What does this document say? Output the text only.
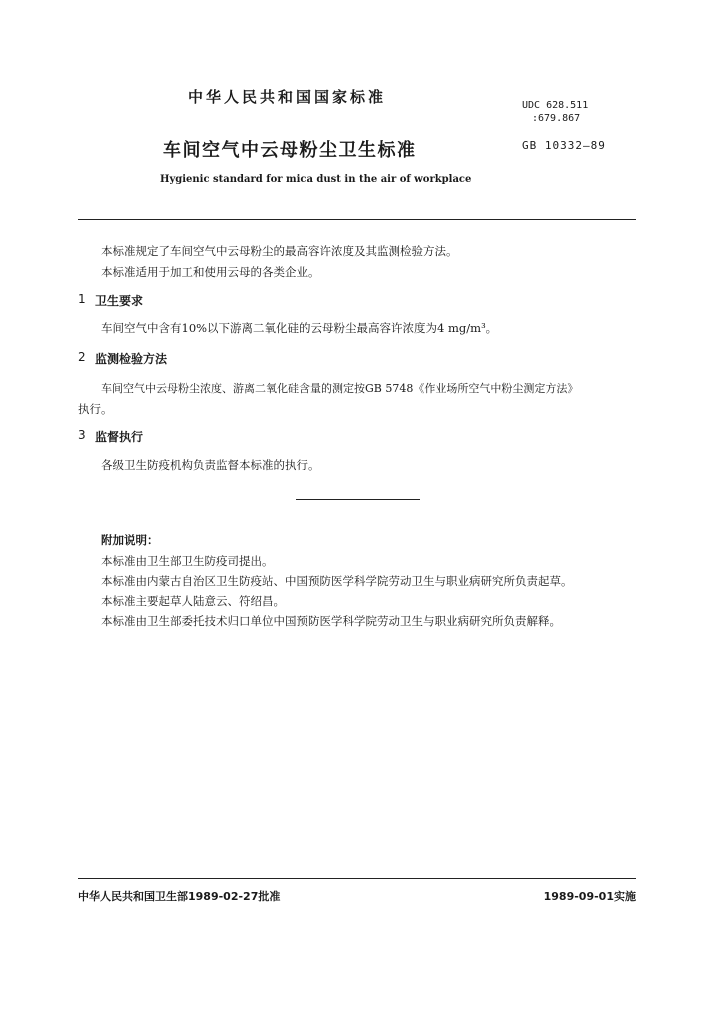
中华人民共和国国家标准	UDC 628.511
:679.867
车间空气中云母粉尘卫生标准	GB 10332—89
Hygienic standard for mica dust in the air of workplace
本标准规定了车间空气中云母粉尘的最高容许浓度及其监测检验方法。
本标准适用于加工和使用云母的各类企业。
1 卫生要求
车间空气中含有10%以下游离二氧化硅的云母粉尘最高容许浓度为4 mg/m³。
2 监测检验方法
车间空气中云母粉尘浓度、游离二氧化硅含量的测定按GB 5748《作业场所空气中粉尘测定方法》
执行。
3 监督执行
各级卫生防疫机构负责监督本标准的执行。
附加说明：
本标准由卫生部卫生防疫司提出。
本标准由内蒙古自治区卫生防疫站、中国预防医学科学院劳动卫生与职业病研究所负责起草。
本标准主要起草人陆意云、符绍昌。
本标准由卫生部委托技术归口单位中国预防医学科学院劳动卫生与职业病研究所负责解释。
中华人民共和国卫生部1989-02-27批准	1989-09-01实施
